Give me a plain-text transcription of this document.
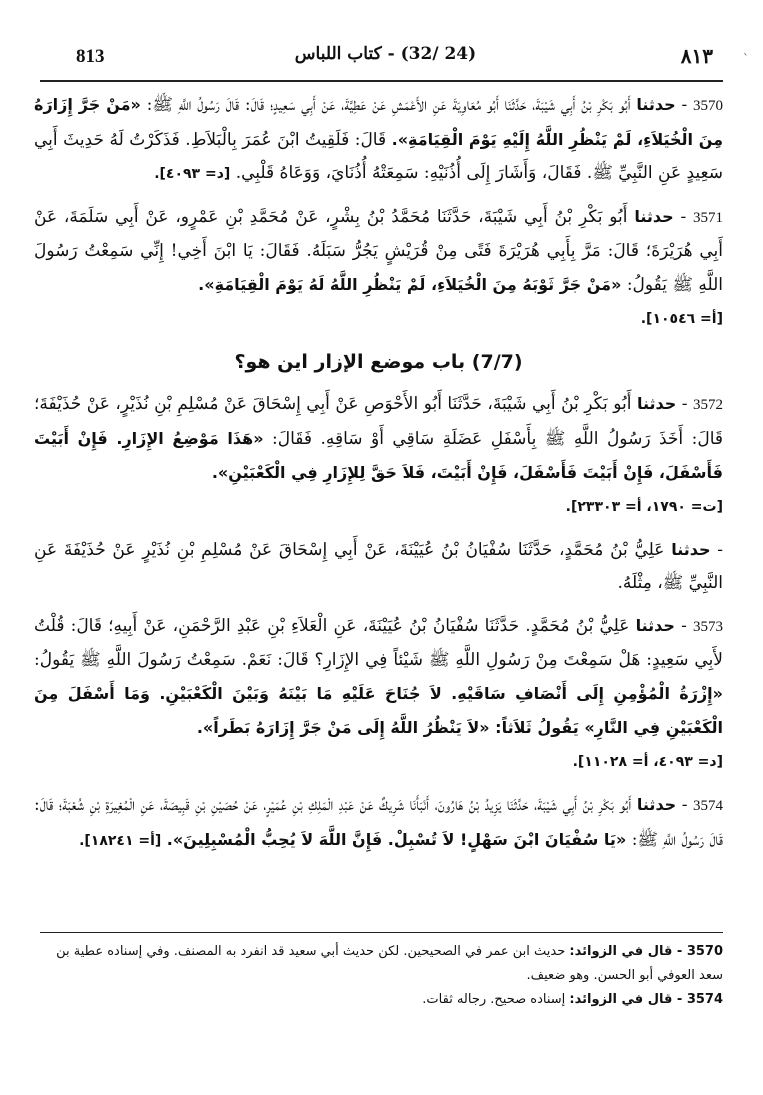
813	(24 /32) - كتاب اللباس	٨١٣	`

3570 - حدثنا أَبُو بَكْرِ بْنُ أَبِي شَيْبَةَ، حَدَّثَنَا أَبُو مُعَاوِيَةَ عَنِ الأَعْمَشِ عَنْ عَطِيَّةَ، عَنْ أَبِي سَعِيدٍ؛ قَالَ: قَالَ رَسُولُ اللَّهِ ﷺ: «مَنْ جَرَّ إِزَارَهُ مِنَ الْخُيَلاَءِ، لَمْ يَنْظُرِ اللَّهُ إِلَيْهِ يَوْمَ الْقِيَامَةِ». قَالَ: فَلَقِيتُ ابْنَ عُمَرَ بِالْبَلاَطِ. فَذَكَرْتُ لَهُ حَدِيثَ أَبِي سَعِيدٍ عَنِ النَّبِيِّ ﷺ. فَقَالَ، وَأَشَارَ إِلَى أُذُنَيْهِ: سَمِعَتْهُ أُذُنَايَ، وَوَعَاهُ قَلْبِي. [د= ٤٠٩٣].

3571 - حدثنا أَبُو بَكْرِ بْنُ أَبِي شَيْبَةَ، حَدَّثَنَا مُحَمَّدُ بْنُ بِشْرٍ، عَنْ مُحَمَّدِ بْنِ عَمْرٍو، عَنْ أَبِي سَلَمَةَ، عَنْ أَبِي هُرَيْرَةَ؛ قَالَ: مَرَّ بِأَبِي هُرَيْرَةَ فَتًى مِنْ قُرَيْشٍ يَجُرُّ سَبَلَهُ. فَقَالَ: يَا ابْنَ أَخِي! إِنِّي سَمِعْتُ رَسُولَ اللَّهِ ﷺ يَقُولُ: «مَنْ جَرَّ ثَوْبَهُ مِنَ الْخُيَلاَءِ، لَمْ يَنْظُرِ اللَّهُ لَهُ يَوْمَ الْقِيَامَةِ».
[أ= ١٠٥٤٦].

(7/7) باب موضع الإزار اين هو؟

3572 - حدثنا أَبُو بَكْرِ بْنُ أَبِي شَيْبَةَ، حَدَّثَنَا أَبُو الأَحْوَصِ عَنْ أَبِي إِسْحَاقَ عَنْ مُسْلِمِ بْنِ نُذَيْرٍ، عَنْ حُذَيْفَةَ؛ قَالَ: أَخَذَ رَسُولُ اللَّهِ ﷺ بِأَسْفَلِ عَضَلَةِ سَاقِي أَوْ سَاقِهِ. فَقَالَ: «هَذَا مَوْضِعُ الإِزَارِ. فَإِنْ أَبَيْتَ فَأَسْفَلَ، فَإِنْ أَبَيْتَ فَأَسْفَلَ، فَإِنْ أَبَيْتَ، فَلاَ حَقَّ لِلإِزَارِ فِي الْكَعْبَيْنِ».
[ت= ١٧٩٠، أ= ٢٣٣٠٣].

- حدثنا عَلِيُّ بْنُ مُحَمَّدٍ، حَدَّثَنَا سُفْيَانُ بْنُ عُيَيْنَةَ، عَنْ أَبِي إِسْحَاقَ عَنْ مُسْلِمِ بْنِ نُذَيْرٍ عَنْ حُذَيْفَةَ عَنِ النَّبِيِّ ﷺ، مِثْلَهُ.

3573 - حدثنا عَلِيُّ بْنُ مُحَمَّدٍ. حَدَّثَنَا سُفْيَانُ بْنُ عُيَيْنَةَ، عَنِ الْعَلاَءِ بْنِ عَبْدِ الرَّحْمَنِ، عَنْ أَبِيهِ؛ قَالَ: قُلْتُ لأَبِي سَعِيدٍ: هَلْ سَمِعْتَ مِنْ رَسُولِ اللَّهِ ﷺ شَيْئاً فِي الإِزَارِ؟ قَالَ: نَعَمْ. سَمِعْتُ رَسُولَ اللَّهِ ﷺ يَقُولُ: «إِزْرَةُ الْمُؤْمِنِ إِلَى أَنْصَافِ سَاقَيْهِ. لاَ جُنَاحَ عَلَيْهِ مَا بَيْنَهُ وَبَيْنَ الْكَعْبَيْنِ. وَمَا أَسْفَلَ مِنَ الْكَعْبَيْنِ فِي النَّارِ» يَقُولُ ثَلاَثاً: «لاَ يَنْظُرُ اللَّهُ إِلَى مَنْ جَرَّ إِزَارَهُ بَطَراً».
[د= ٤٠٩٣، أ= ١١٠٢٨].

3574 - حدثنا أَبُو بَكْرِ بْنُ أَبِي شَيْبَةَ، حَدَّثَنَا يَزِيدُ بْنُ هَارُونَ، أَنْبَأَنَا شَرِيكٌ عَنْ عَبْدِ الْمَلِكِ بْنِ عُمَيْرٍ، عَنْ حُصَيْنِ بْنِ قَبِيصَةَ، عَنِ الْمُغِيرَةِ بْنِ شُعْبَةَ؛ قَالَ: قَالَ رَسُولُ اللَّهِ ﷺ: «يَا سُفْيَانَ ابْنَ سَهْلٍ! لاَ تُسْبِلْ. فَإِنَّ اللَّهَ لاَ يُحِبُّ الْمُسْبِلِينَ». [أ= ١٨٢٤١].

3570 - قال في الزوائد: حديث ابن عمر في الصحيحين. لكن حديث أبي سعيد قد انفرد به المصنف. وفي إسناده عطية بن سعد العوفي أبو الحسن. وهو ضعيف.
3574 - قال في الزوائد: إسناده صحيح. رجاله ثقات.
